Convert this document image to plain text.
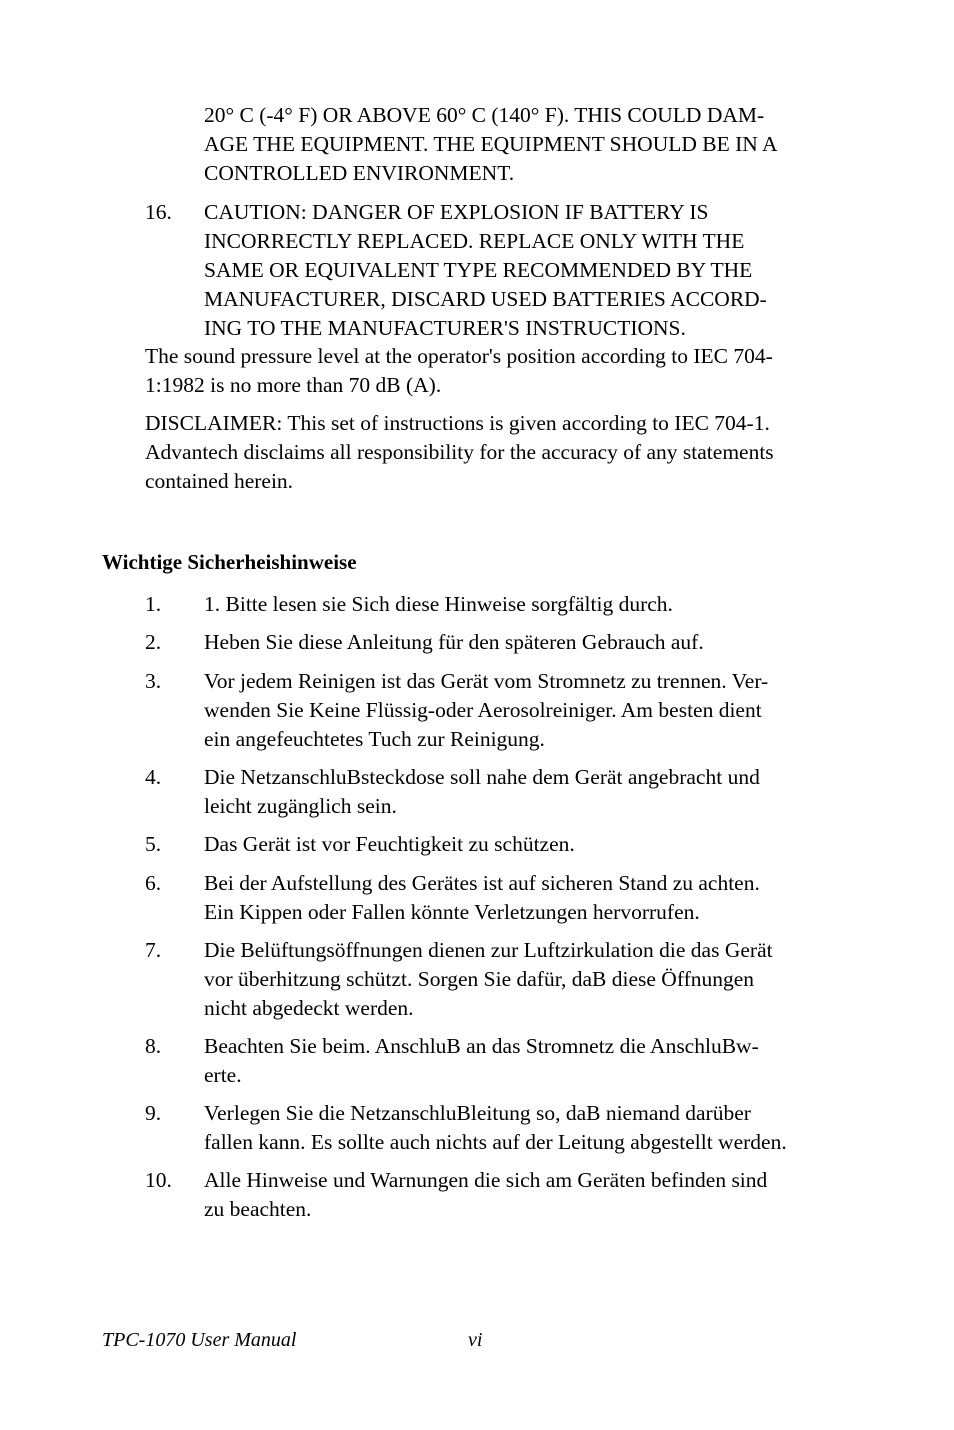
20° C (-4° F) OR ABOVE 60° C (140° F). THIS COULD DAM-
AGE THE EQUIPMENT. THE EQUIPMENT SHOULD BE IN A
CONTROLLED ENVIRONMENT.
16.	CAUTION: DANGER OF EXPLOSION IF BATTERY IS
INCORRECTLY REPLACED. REPLACE ONLY WITH THE
SAME OR EQUIVALENT TYPE RECOMMENDED BY THE
MANUFACTURER, DISCARD USED BATTERIES ACCORD-
ING TO THE MANUFACTURER'S INSTRUCTIONS.
The sound pressure level at the operator's position according to IEC 704-
1:1982 is no more than 70 dB (A).
DISCLAIMER: This set of instructions is given according to IEC 704-1.
Advantech disclaims all responsibility for the accuracy of any statements
contained herein.
Wichtige Sicherheishinweise
1.	1. Bitte lesen sie Sich diese Hinweise sorgfältig durch.
2.	Heben Sie diese Anleitung für den späteren Gebrauch auf.
3.	Vor jedem Reinigen ist das Gerät vom Stromnetz zu trennen. Ver-
wenden Sie Keine Flüssig-oder Aerosolreiniger. Am besten dient
ein angefeuchtetes Tuch zur Reinigung.
4.	Die NetzanschluBsteckdose soll nahe dem Gerät angebracht und
leicht zugänglich sein.
5.	Das Gerät ist vor Feuchtigkeit zu schützen.
6.	Bei der Aufstellung des Gerätes ist auf sicheren Stand zu achten.
Ein Kippen oder Fallen könnte Verletzungen hervorrufen.
7.	Die Belüftungsöffnungen dienen zur Luftzirkulation die das Gerät
vor überhitzung schützt. Sorgen Sie dafür, daB diese Öffnungen
nicht abgedeckt werden.
8.	Beachten Sie beim. AnschluB an das Stromnetz die AnschluBw-
erte.
9.	Verlegen Sie die NetzanschluBleitung so, daB niemand darüber
fallen kann. Es sollte auch nichts auf der Leitung abgestellt werden.
10.	Alle Hinweise und Warnungen die sich am Geräten befinden sind
zu beachten.
TPC-1070 User Manual	vi
